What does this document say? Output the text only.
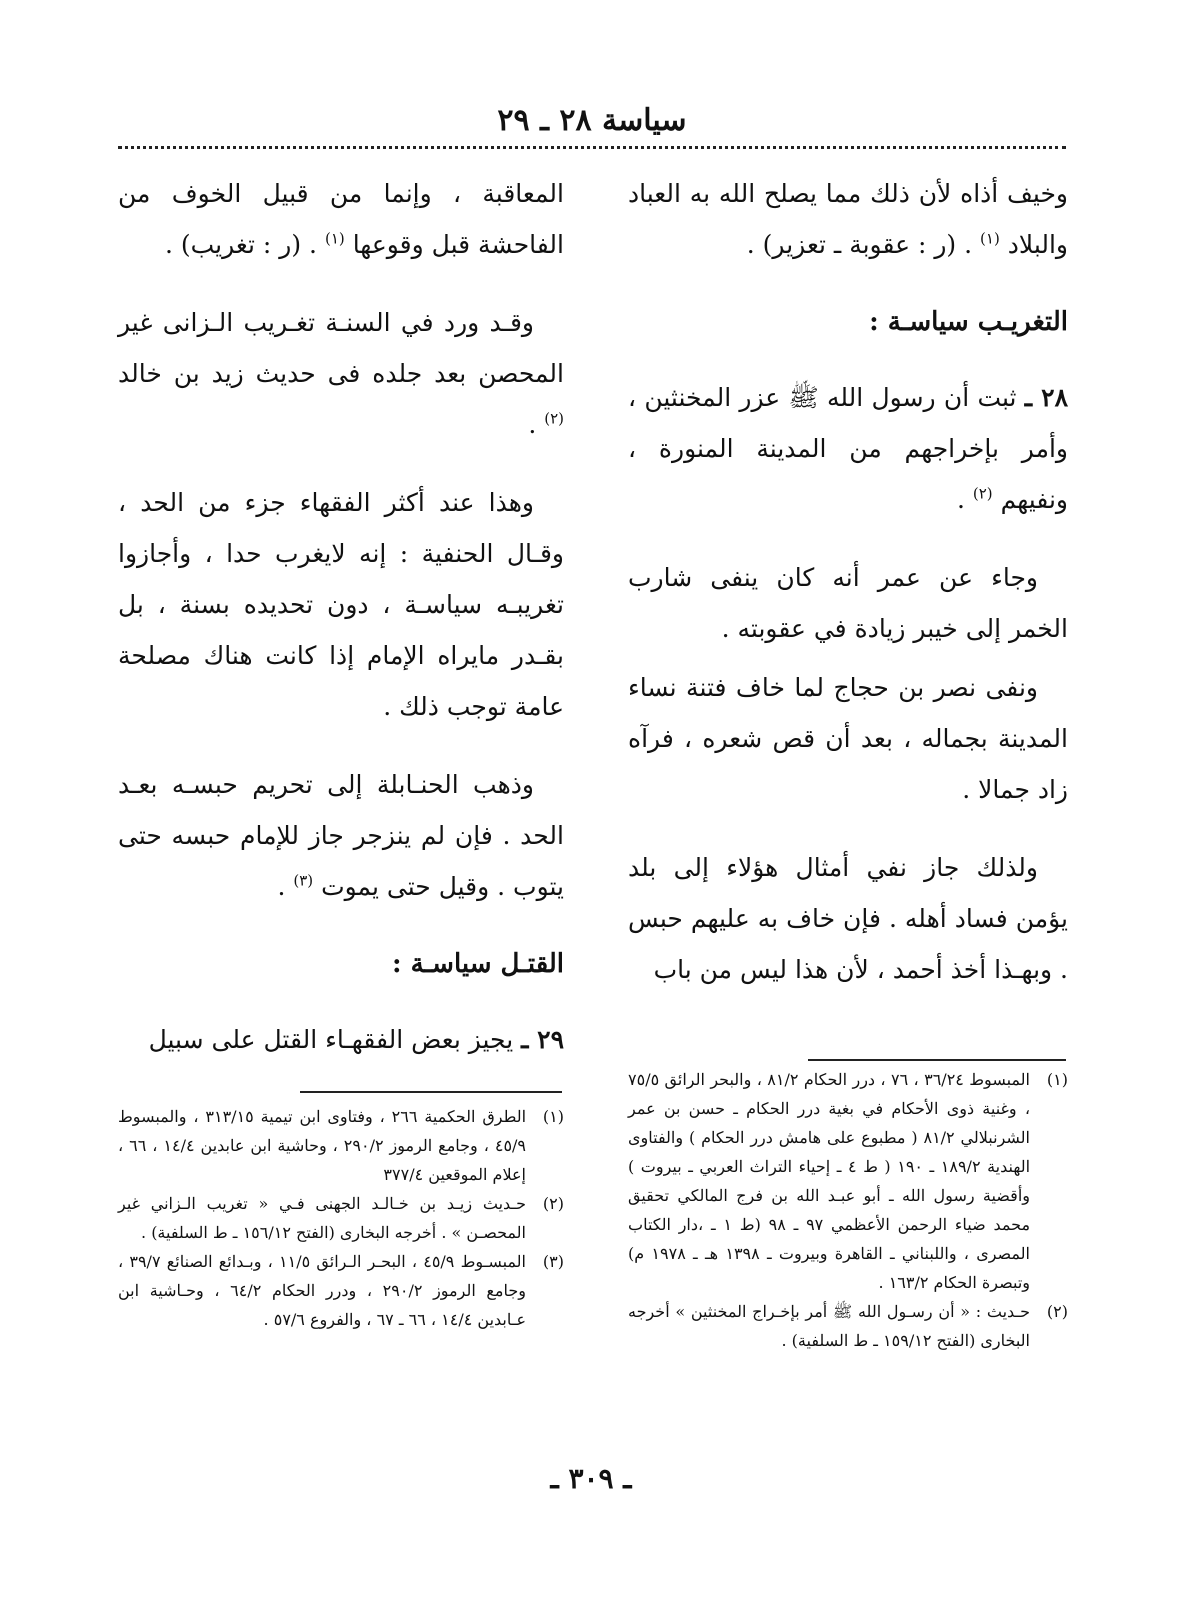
سياسة ٢٨ ـ ٢٩

وخيف أذاه لأن ذلك مما يصلح الله به العباد والبلاد $^{(١)}$ . (ر : عقوبة ـ تعزير) .

التغريـب سياسـة :

٢٨ ـ ثبت أن رسول الله ﷺ عزر المخنثين ، وأمر بإخراجهم من المدينة المنورة ، ونفيهم $^{(٢)}$ .

وجاء عن عمر أنه كان ينفى شارب الخمر إلى خيبر زيادة في عقوبته .

ونفى نصر بن حجاج لما خاف فتنة نساء المدينة بجماله ، بعد أن قص شعره ، فرآه زاد جمالا .

ولذلك جاز نفي أمثال هؤلاء إلى بلد يؤمن فساد أهله . فإن خاف به عليهم حبس . وبهـذا أخذ أحمد ، لأن هذا ليس من باب

المعاقبة ، وإنما من قبيل الخوف من الفاحشة قبل وقوعها $^{(١)}$ . (ر : تغريب) .

وقـد ورد في السنـة تغـريب الـزانى غير المحصن بعد جلده فى حديث زيد بن خالد $^{(٢)}$ .

وهذا عند أكثر الفقهاء جزء من الحد ، وقـال الحنفية : إنه لايغرب حدا ، وأجازوا تغريبـه سياسـة ، دون تحديده بسنة ، بل بقـدر مايراه الإمام إذا كانت هناك مصلحة عامة توجب ذلك .

وذهب الحنـابلة إلى تحريم حبسـه بعـد الحد . فإن لم ينزجر جاز للإمام حبسه حتى يتوب . وقيل حتى يموت $^{(٣)}$ .

القتـل سياسـة :

٢٩ ـ يجيز بعض الفقهـاء القتل على سبيل

(١)
المبسوط ٣٦/٢٤ ، ٧٦ ، درر الحكام ٨١/٢ ، والبحر الرائق ٧٥/٥ ، وغنية ذوى الأحكام في بغية درر الحكام ـ حسن بن عمر الشرنبلالي ٨١/٢ ( مطبوع على هامش درر الحكام ) والفتاوى الهندية ١٨٩/٢ ـ ١٩٠ ( ط ٤ ـ إحياء التراث العربي ـ بيروت ) وأقضية رسول الله ـ أبو عبـد الله بن فرج المالكي تحقيق محمد ضياء الرحمن الأعظمي ٩٧ ـ ٩٨ (ط ١ ـ ،دار الكتاب المصرى ، واللبناني ـ القاهرة وبيروت ـ ١٣٩٨ هـ ـ ١٩٧٨ م) وتبصرة الحكام ١٦٣/٢ .
(٢)
حـديث : « أن رسـول الله ﷺ أمر بإخـراج المخنثين » أخرجه البخارى (الفتح ١٥٩/١٢ ـ ط السلفية) .
(١)
الطرق الحكمية ٢٦٦ ، وفتاوى ابن تيمية ٣١٣/١٥ ، والمبسوط ٤٥/٩ ، وجامع الرموز ٢٩٠/٢ ، وحاشية ابن عابدين ١٤/٤ ، ٦٦ ، إعلام الموقعين ٣٧٧/٤
(٢)
حـديث زيـد بن خـالـد الجهنى فـي « تغريب الـزاني غير المحصـن » . أخرجه البخارى (الفتح ١٥٦/١٢ ـ ط السلفية) .
(٣)
المبسـوط ٤٥/٩ ، البحـر الـرائق ١١/٥ ، وبـدائع الصنائع ٣٩/٧ ، وجامع الرموز ٢٩٠/٢ ، ودرر الحكام ٦٤/٢ ، وحـاشية ابن عـابدين ١٤/٤ ، ٦٦ ـ ٦٧ ، والفروع ٥٧/٦ .
ـ ٣٠٩ ـ
